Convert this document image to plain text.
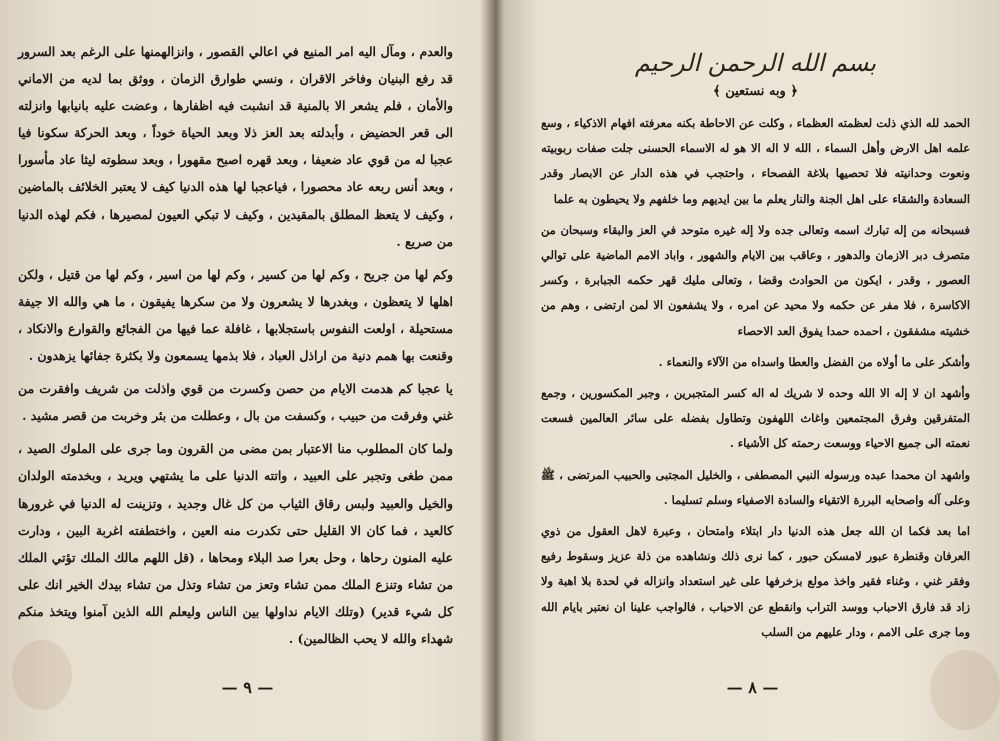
والعدم ، ومآل اليه امر المنيع في اعالي القصور ، وانزالهمنها على الرغم بعد السرور قد رفع البنيان وفاخر الاقران ، ونسي طوارق الزمان ، ووثق بما لديه من الاماني والأمان ، فلم يشعر الا بالمنية قد انشبت فيه اظفارها ، وعضت عليه بانيابها وانزلته الى قعر الحضيض ، وأبدلته بعد العز ذلا وبعد الحياة خوداً ، وبعد الحركة سكونا فيا عجبا له من قوي عاد ضعيفا ، وبعد قهره اصبح مقهورا ، وبعد سطوته ليثا عاد مأسورا ، وبعد أنس ربعه عاد محصورا ، فياعجبا لها هذه الدنيا كيف لا يعتبر الخلائف بالماضين ، وكيف لا يتعظ المطلق بالمقيدين ، وكيف لا تبكي العيون لمصيرها ، فكم لهذه الدنيا من صريع .

وكم لها من جريح ، وكم لها من كسير ، وكم لها من اسير ، وكم لها من قتيل ، ولكن اهلها لا يتعظون ، وبغدرها لا يشعرون ولا من سكرها يفيقون ، ما هي والله الا جيفة مستحيلة ، اولعت النفوس باستجلابها ، غافلة عما فيها من الفجائع والقوارع والانكاد ، وقنعت بها همم دنية من اراذل العباد ، فلا بذمها يسمعون ولا بكثرة جفائها يزهدون .

يا عجبا كم هدمت الايام من حصن وكسرت من قوي واذلت من شريف وافقرت من غني وفرقت من حبيب ، وكسفت من بال ، وعطلت من بئر وخربت من قصر مشيد .

ولما كان المطلوب منا الاعتبار بمن مضى من القرون وما جرى على الملوك الصيد ، ممن طغى وتجبر على العبيد ، واتته الدنيا على ما يشتهي ويريد ، وبخدمته الولدان والخيل والعبيد ولبس رقاق الثياب من كل غال وجديد ، وتزينت له الدنيا في غرورها كالعيد ، فما كان الا القليل حتى تكدرت منه العين ، واختطفته اغربة البين ، ودارت عليه المنون رحاها ، وحل بعرا صد البلاء ومحاها ، (قل اللهم مالك الملك تؤتي الملك من تشاء وتنزع الملك ممن تشاء وتعز من تشاء وتذل من تشاء بيدك الخير انك على كل شيء قدير) (وتلك الايام نداولها بين الناس وليعلم الله الذين آمنوا ويتخذ منكم شهداء والله لا يحب الظالمين) .

— ٩ —
بسم الله الرحمن الرحيم
﴿ وبه نستعين ﴾

الحمد لله الذي ذلت لعظمته العظماء ، وكلت عن الاحاطة بكنه معرفته افهام الاذكياء ، وسع علمه اهل الارض وأهل السماء ، الله لا اله الا هو له الاسماء الحسنى جلت صفات ربوبيته ونعوت وحدانيته فلا تحصيها بلاغة الفصحاء ، واحتجب في هذه الدار عن الابصار وقدر السعادة والشقاء على اهل الجنة والنار يعلم ما بين ايديهم وما خلفهم ولا يحيطون به علما

فسبحانه من إله تبارك اسمه وتعالى جده ولا إله غيره متوحد في العز والبقاء وسبحان من متصرف دبر الازمان والدهور ، وعاقب بين الايام والشهور ، واباد الامم الماضية على توالي العصور ، وقدر ، ايكون من الحوادث وقضا ، وتعالى مليك قهر حكمه الجبابرة ، وكسر الاكاسرة ، فلا مفر عن حكمه ولا محيد عن امره ، ولا يشفعون الا لمن ارتضى ، وهم من خشيته مشفقون ، احمده حمدا يفوق العد الاحصاء

وأشكر على ما أولاه من الفضل والعطا واسداه من الآلاء والنعماء .

وأشهد ان لا إله الا الله وحده لا شريك له اله كسر المتجبرين ، وجبر المكسورين ، وجمع المتفرقين وفرق المجتمعين واغاث اللهفون وتطاول بفضله على سائر العالمين فسعت نعمته الى جميع الاحياء ووسعت رحمته كل الأشياء .

واشهد ان محمدا عبده ورسوله النبي المصطفى ، والخليل المجتبى والحبيب المرتضى ، ﷺ وعلى آله واصحابه البررة الاتقياء والسادة الاصفياء وسلم تسليما .

اما بعد فكما ان الله جعل هذه الدنيا دار ابتلاء وامتحان ، وعبرة لاهل العقول من ذوي العرفان وقنطرة عبور لامسكن حبور ، كما نرى ذلك ونشاهده من ذلة عزيز وسقوط رفيع وفقر غني ، وغناء فقير واخذ مولع بزخرفها على غير استعداد وانزاله في لحدة بلا اهبة ولا زاد قد فارق الاحباب ووسد التراب وانقطع عن الاحباب ، فالواجب علينا ان نعتبر بايام الله وما جرى على الامم ، ودار عليهم من السلب

— ٨ —
